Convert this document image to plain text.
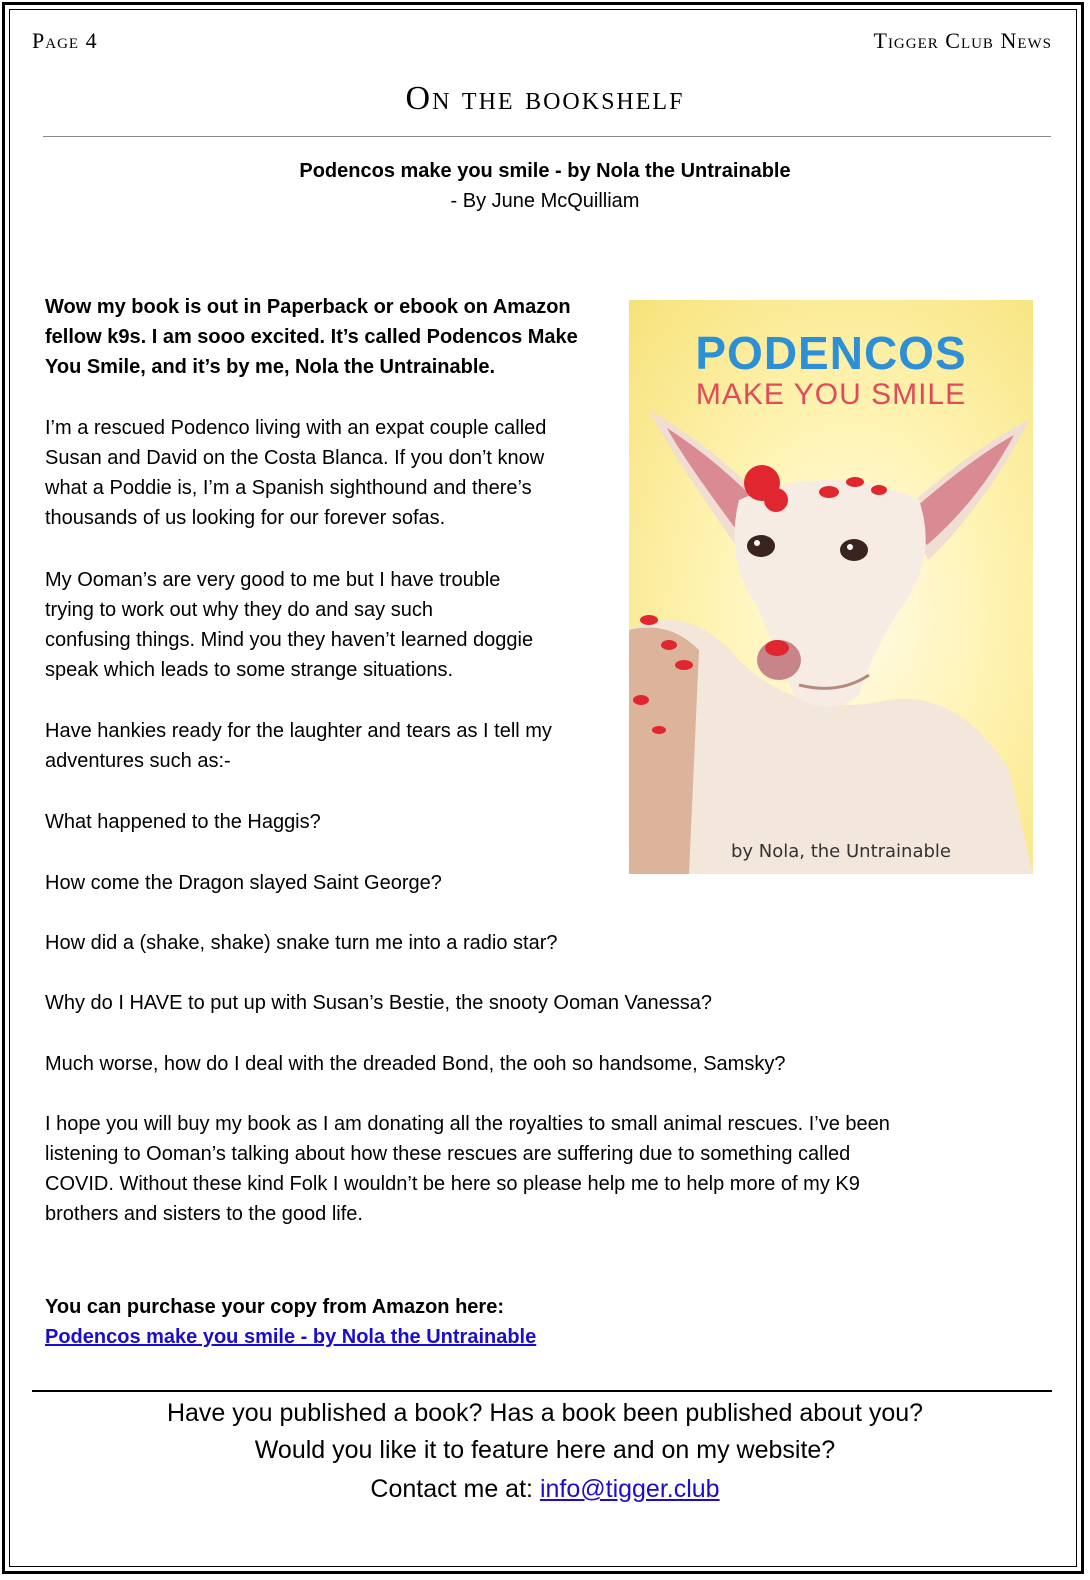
Page 4	Tigger Club News
On the bookshelf
Podencos make you smile - by Nola the Untrainable
- By June McQuilliam

Wow my book is out in Paperback or ebook on Amazon
fellow k9s. I am sooo excited. It’s called Podencos Make
You Smile, and it’s by me, Nola the Untrainable.

I’m a rescued Podenco living with an expat couple called
Susan and David on the Costa Blanca. If you don’t know
what a Poddie is, I’m a Spanish sighthound and there’s
thousands of us looking for our forever sofas.

My Ooman’s are very good to me but I have trouble
trying to work out why they do and say such
confusing things. Mind you they haven’t learned doggie
speak which leads to some strange situations.

Have hankies ready for the laughter and tears as I tell my
adventures such as:-

What happened to the Haggis?

How come the Dragon slayed Saint George?

How did a (shake, shake) snake turn me into a radio star?

Why do I HAVE to put up with Susan’s Bestie, the snooty Ooman Vanessa?

Much worse, how do I deal with the dreaded Bond, the ooh so handsome, Samsky?

I hope you will buy my book as I am donating all the royalties to small animal rescues. I’ve been
listening to Ooman’s talking about how these rescues are suffering due to something called
COVID. Without these kind Folk I wouldn’t be here so please help me to help more of my K9
brothers and sisters to the good life.

You can purchase your copy from Amazon here:

Podencos make you smile - by Nola the Untrainable
PODENCOS
MAKE YOU SMILE
by Nola, the Untrainable
Have you published a book? Has a book been published about you?
Would you like it to feature here and on my website?
Contact me at: info@tigger.club
